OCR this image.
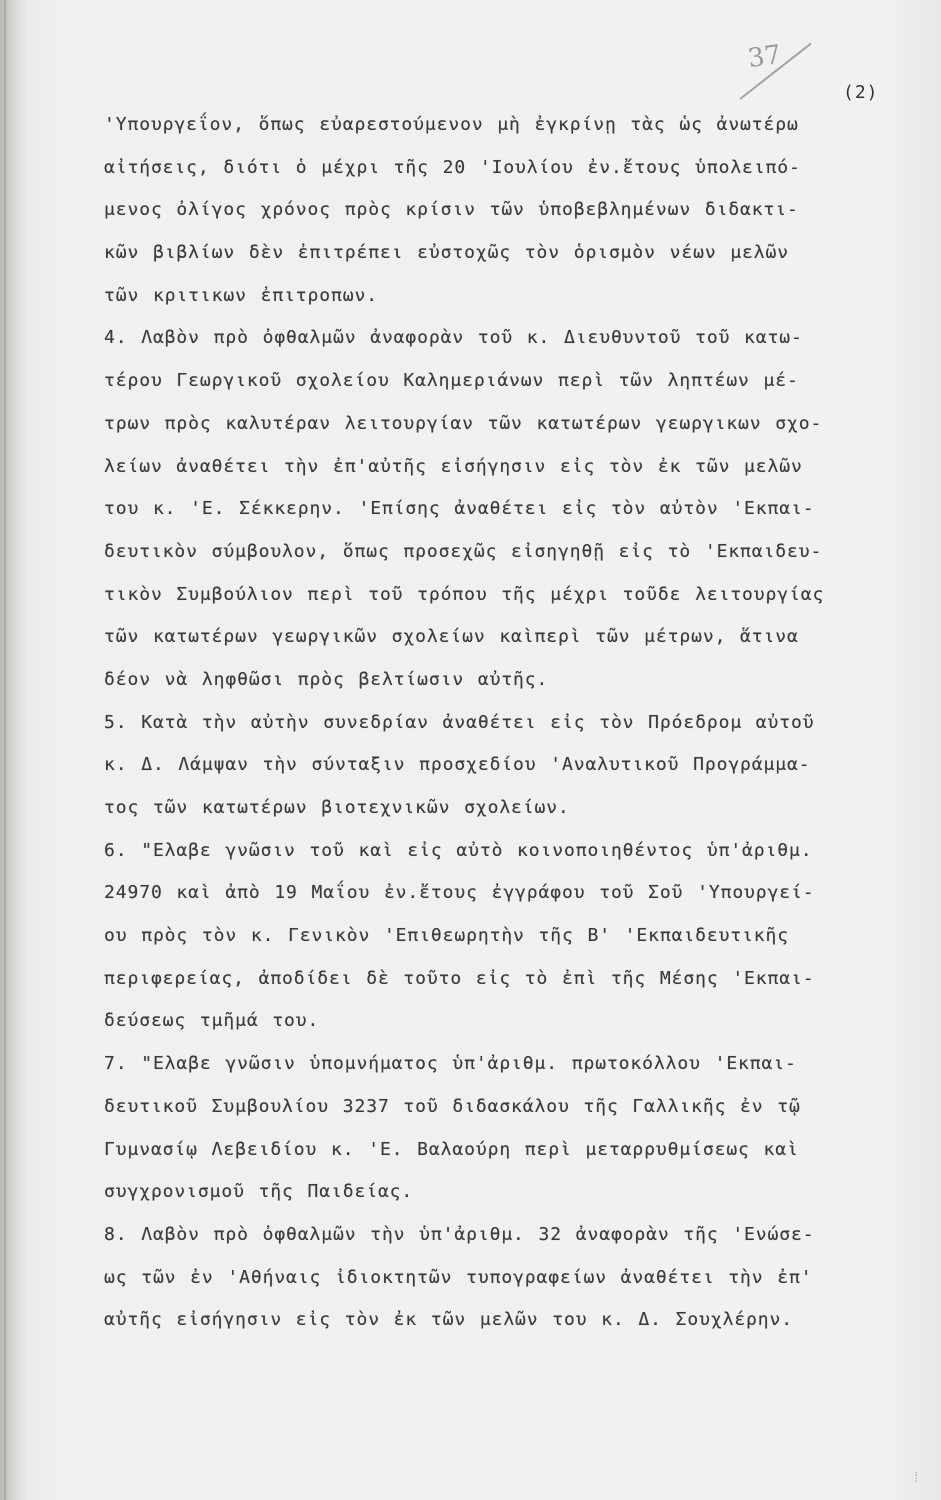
37
(2)
'Υπουργεΐον, ὅπως εὐαρεστούμενον μὴ ἐγκρίνῃ τὰς ὡς ἀνωτέρω
αἰτήσεις, διότι ὁ μέχρι τῆς 20 'Ιουλίου ἐν.ἔτους ὑπολειπό-
μενος ὀλίγος χρόνος πρὸς κρίσιν τῶν ὑποβεβλημένων διδακτι-
κῶν βιβλίων δὲν ἐπιτρέπει εὐστοχῶς τὸν ὁρισμὸν νέων μελῶν
τῶν κριτικων ἐπιτροπων.
4. Λαβὸν πρὸ ὀφθαλμῶν ἀναφορὰν τοῦ κ. Διευθυντοῦ τοῦ κατω-
τέρου Γεωργικοῦ σχολείου Καλημεριάνων περὶ τῶν ληπτέων μέ-
τρων πρὸς καλυτέραν λειτουργίαν τῶν κατωτέρων γεωργικων σχο-
λείων ἀναθέτει τὴν ἐπ'αὐτῆς εἰσήγησιν εἰς τὸν ἐκ τῶν μελῶν
του κ. 'Ε. Σέκκερην. 'Επίσης ἀναθέτει εἰς τὸν αὐτὸν 'Εκπαι-
δευτικὸν σύμβουλον, ὅπως προσεχῶς εἰσηγηθῇ εἰς τὸ 'Εκπαιδευ-
τικὸν Συμβούλιον περὶ τοῦ τρόπου τῆς μέχρι τοῦδε λειτουργίας
τῶν κατωτέρων γεωργικῶν σχολείων καὶπερὶ τῶν μέτρων, ἅτινα
δέον νὰ ληφθῶσι πρὸς βελτίωσιν αὐτῆς.
5. Κατὰ τὴν αὐτὴν συνεδρίαν ἀναθέτει εἰς τὸν Πρόεδρομ αὐτοῦ
κ. Δ. Λάμψαν τὴν σύνταξιν προσχεδίου 'Αναλυτικοῦ Προγράμμα-
τος τῶν κατωτέρων βιοτεχνικῶν σχολείων.
6. "Ελαβε γνῶσιν τοῦ καὶ εἰς αὐτὸ κοινοποιηθέντος ὑπ'ἀριθμ.
24970 καὶ ἀπὸ 19 Μαΐου ἐν.ἔτους ἐγγράφου τοῦ Σοῦ 'Υπουργεί-
ου πρὸς τὸν κ. Γενικὸν 'Επιθεωρητὴν τῆς Β' 'Εκπαιδευτικῆς
περιφερείας, ἀποδίδει δὲ τοῦτο εἰς τὸ ἐπὶ τῆς Μέσης 'Εκπαι-
δεύσεως τμῆμά του.
7. "Ελαβε γνῶσιν ὑπομνήματος ὑπ'ἀριθμ. πρωτοκόλλου 'Εκπαι-
δευτικοῦ Συμβουλίου 3237 τοῦ διδασκάλου τῆς Γαλλικῆς ἐν τῷ
Γυμνασίῳ Λεβειδίου κ. 'Ε. Βαλαούρη περὶ μεταρρυθμίσεως καὶ
συγχρονισμοῦ τῆς Παιδείας.
8. Λαβὸν πρὸ ὀφθαλμῶν τὴν ὑπ'ἀριθμ. 32 ἀναφορὰν τῆς 'Ενώσε-
ως τῶν ἐν 'Αθήναις ἰδιοκτητῶν τυπογραφείων ἀναθέτει τὴν ἐπ'
αὐτῆς εἰσήγησιν εἰς τὸν ἐκ τῶν μελῶν του κ. Δ. Σουχλέρην.
⁞
